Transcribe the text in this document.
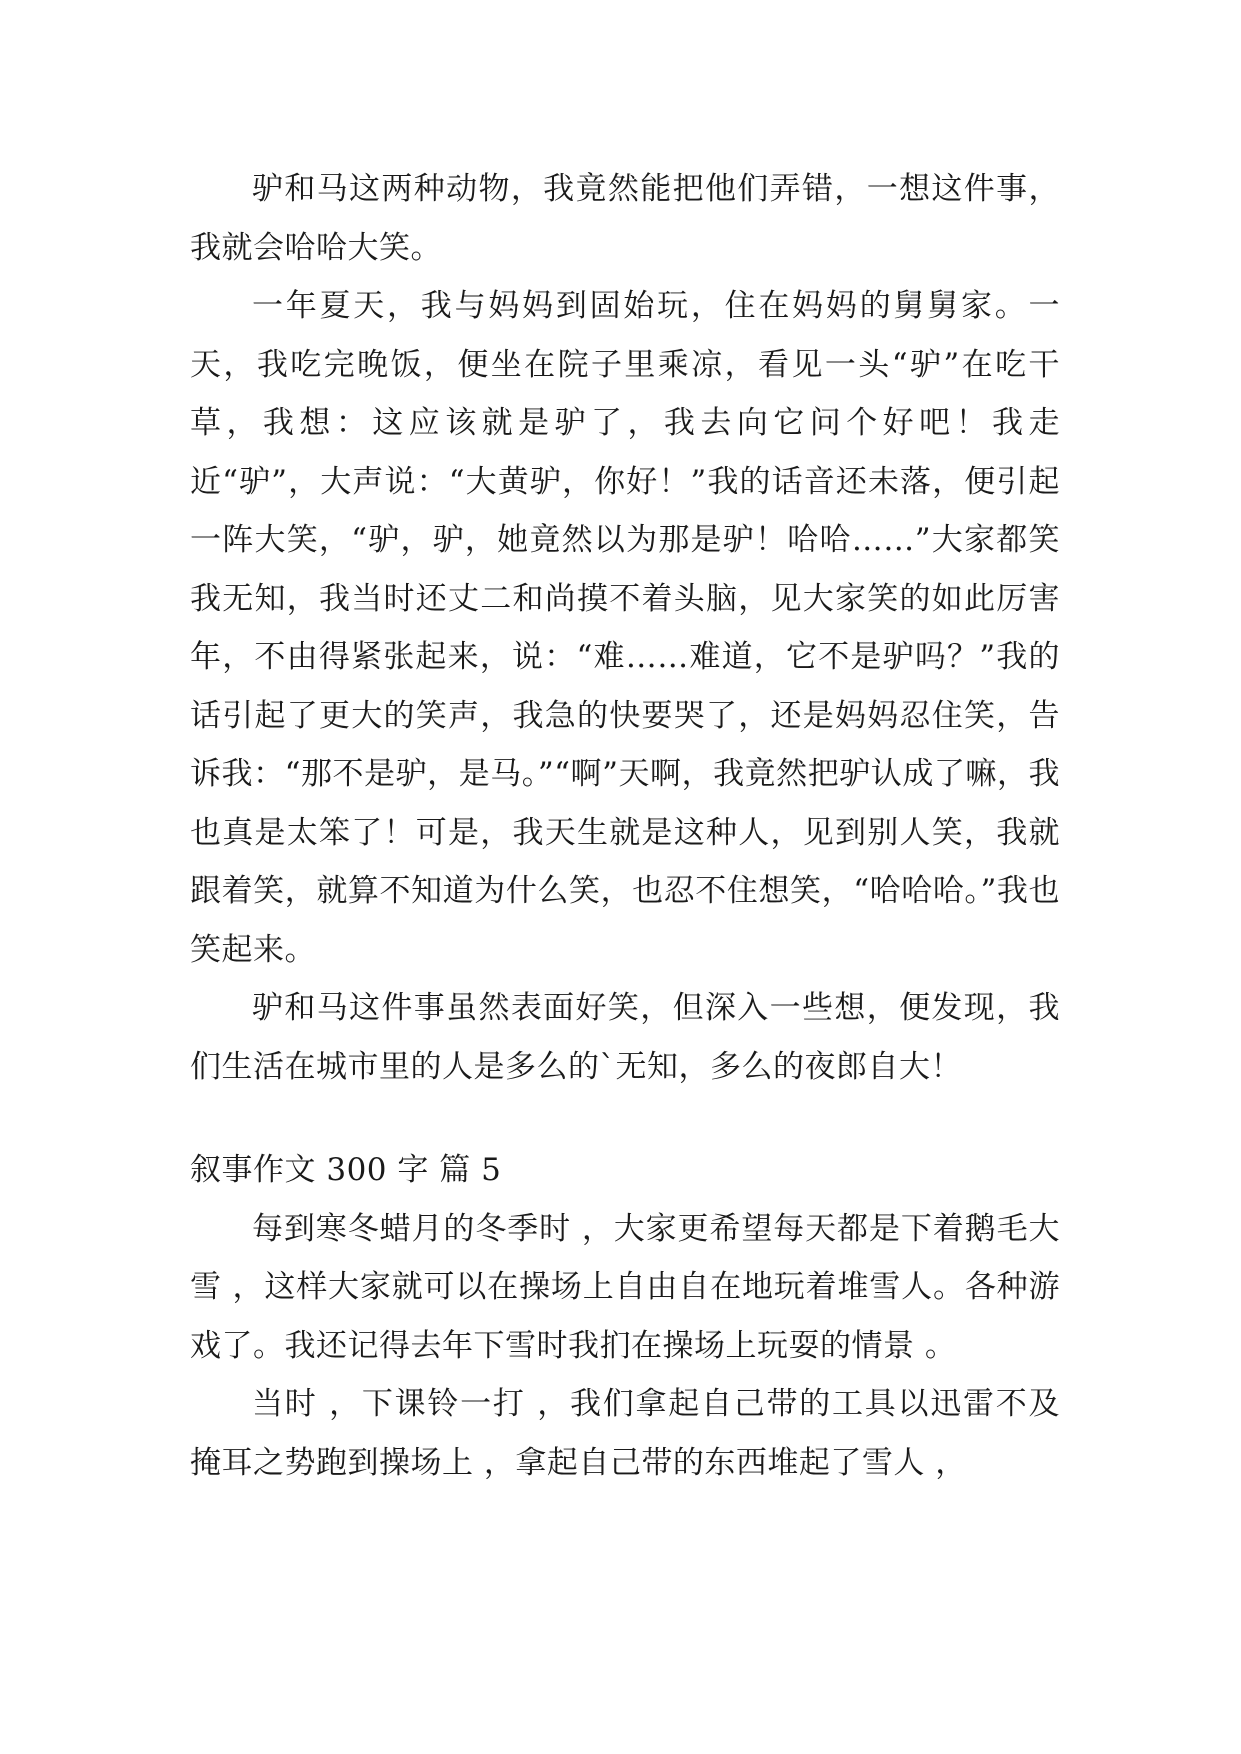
驴和马这两种动物，我竟然能把他们弄错，一想这件事，我就会哈哈大笑。

一年夏天，我与妈妈到固始玩，住在妈妈的舅舅家。一天，我吃完晚饭，便坐在院子里乘凉，看见一头“驴”在吃干草，我想：这应该就是驴了，我去向它问个好吧！我走近“驴”，大声说：“大黄驴，你好！”我的话音还未落，便引起一阵大笑，“驴，驴，她竟然以为那是驴！哈哈……”大家都笑我无知，我当时还丈二和尚摸不着头脑，见大家笑的如此厉害年，不由得紧张起来，说：“难……难道，它不是驴吗？”我的话引起了更大的笑声，我急的快要哭了，还是妈妈忍住笑，告诉我：“那不是驴，是马。”“啊”天啊，我竟然把驴认成了嘛，我也真是太笨了！可是，我天生就是这种人，见到别人笑，我就跟着笑，就算不知道为什么笑，也忍不住想笑，“哈哈哈。”我也笑起来。

驴和马这件事虽然表面好笑，但深入一些想，便发现，我们生活在城市里的人是多么的`无知，多么的夜郎自大！

叙事作文 300 字 篇 5

每到寒冬蜡月的冬季时 ，大家更希望每天都是下着鹅毛大雪 ，这样大家就可以在操场上自由自在地玩着堆雪人。各种游戏了。我还记得去年下雪时我扪在操场上玩耍的情景 。

当时 ，下课铃一打 ，我们拿起自己带的工具以迅雷不及掩耳之势跑到操场上 ，拿起自己带的东西堆起了雪人 ，
